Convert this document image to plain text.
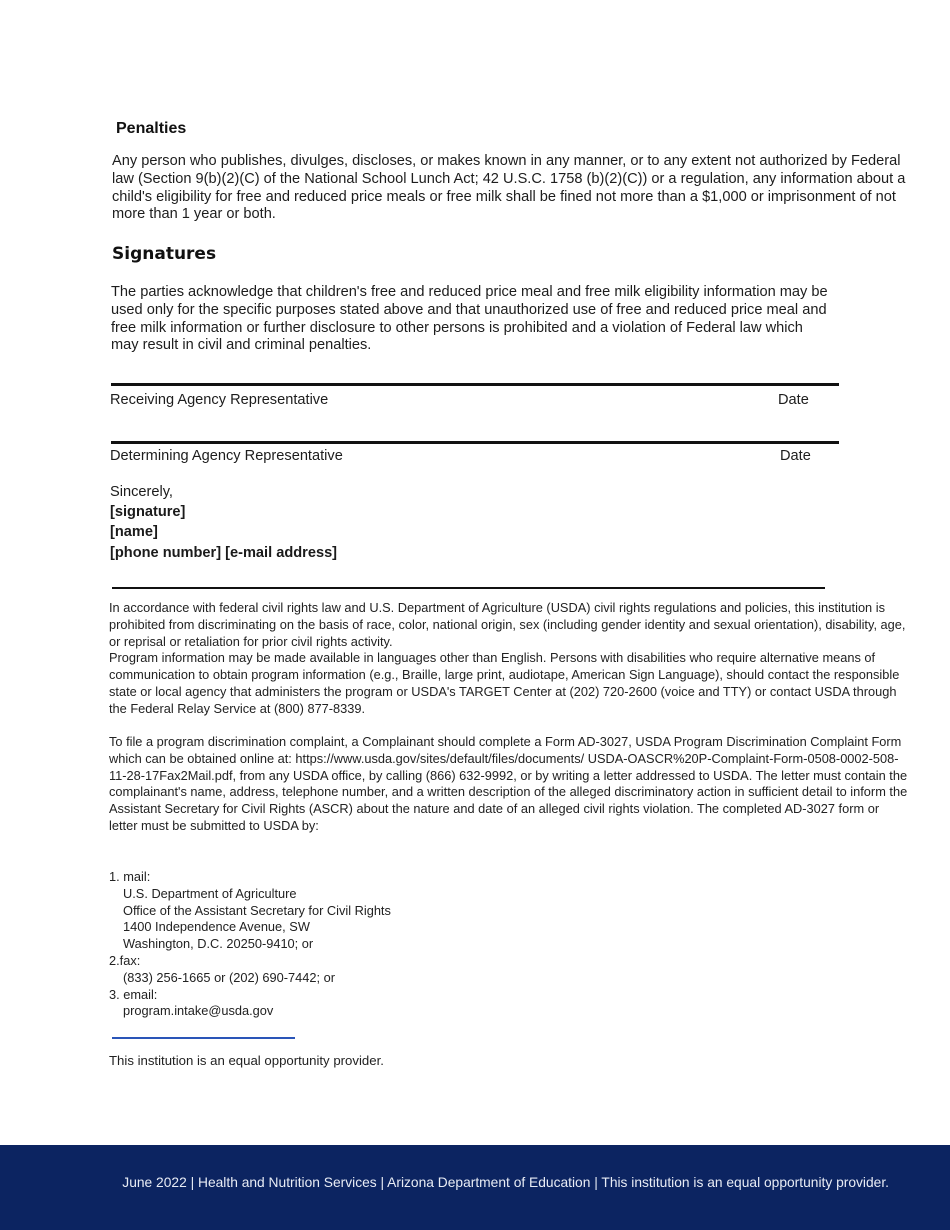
Penalties
Any person who publishes, divulges, discloses, or makes known in any manner, or to any extent not authorized by Federal law (Section 9(b)(2)(C) of the National School Lunch Act; 42 U.S.C. 1758 (b)(2)(C)) or a regulation, any information about a child's eligibility for free and reduced price meals or free milk shall be fined not more than a $1,000 or imprisonment of not more than 1 year or both.
Signatures
The parties acknowledge that children's free and reduced price meal and free milk eligibility information may be used only for the specific purposes stated above and that unauthorized use of free and reduced price meal and free milk information or further disclosure to other persons is prohibited and a violation of Federal law which may result in civil and criminal penalties.
Receiving Agency Representative	Date
Determining Agency Representative	Date
Sincerely,
[signature]
[name]
[phone number] [e-mail address]
In accordance with federal civil rights law and U.S. Department of Agriculture (USDA) civil rights regulations and policies, this institution is prohibited from discriminating on the basis of race, color, national origin, sex (including gender identity and sexual orientation), disability, age, or reprisal or retaliation for prior civil rights activity.
Program information may be made available in languages other than English. Persons with disabilities who require alternative means of communication to obtain program information (e.g., Braille, large print, audiotape, American Sign Language), should contact the responsible state or local agency that administers the program or USDA's TARGET Center at (202) 720-2600 (voice and TTY) or contact USDA through the Federal Relay Service at (800) 877-8339.
To file a program discrimination complaint, a Complainant should complete a Form AD-3027, USDA Program Discrimination Complaint Form which can be obtained online at: https://www.usda.gov/sites/default/files/documents/ USDA-OASCR%20P-Complaint-Form-0508-0002-508-11-28-17Fax2Mail.pdf, from any USDA office, by calling (866) 632-9992, or by writing a letter addressed to USDA. The letter must contain the complainant's name, address, telephone number, and a written description of the alleged discriminatory action in sufficient detail to inform the Assistant Secretary for Civil Rights (ASCR) about the nature and date of an alleged civil rights violation. The completed AD-3027 form or letter must be submitted to USDA by:
1. mail:
U.S. Department of Agriculture
Office of the Assistant Secretary for Civil Rights
1400 Independence Avenue, SW
Washington, D.C. 20250-9410; or
2.fax:
(833) 256-1665 or (202) 690-7442; or
3. email:
program.intake@usda.gov
This institution is an equal opportunity provider.
June 2022 | Health and Nutrition Services | Arizona Department of Education | This institution is an equal opportunity provider.
